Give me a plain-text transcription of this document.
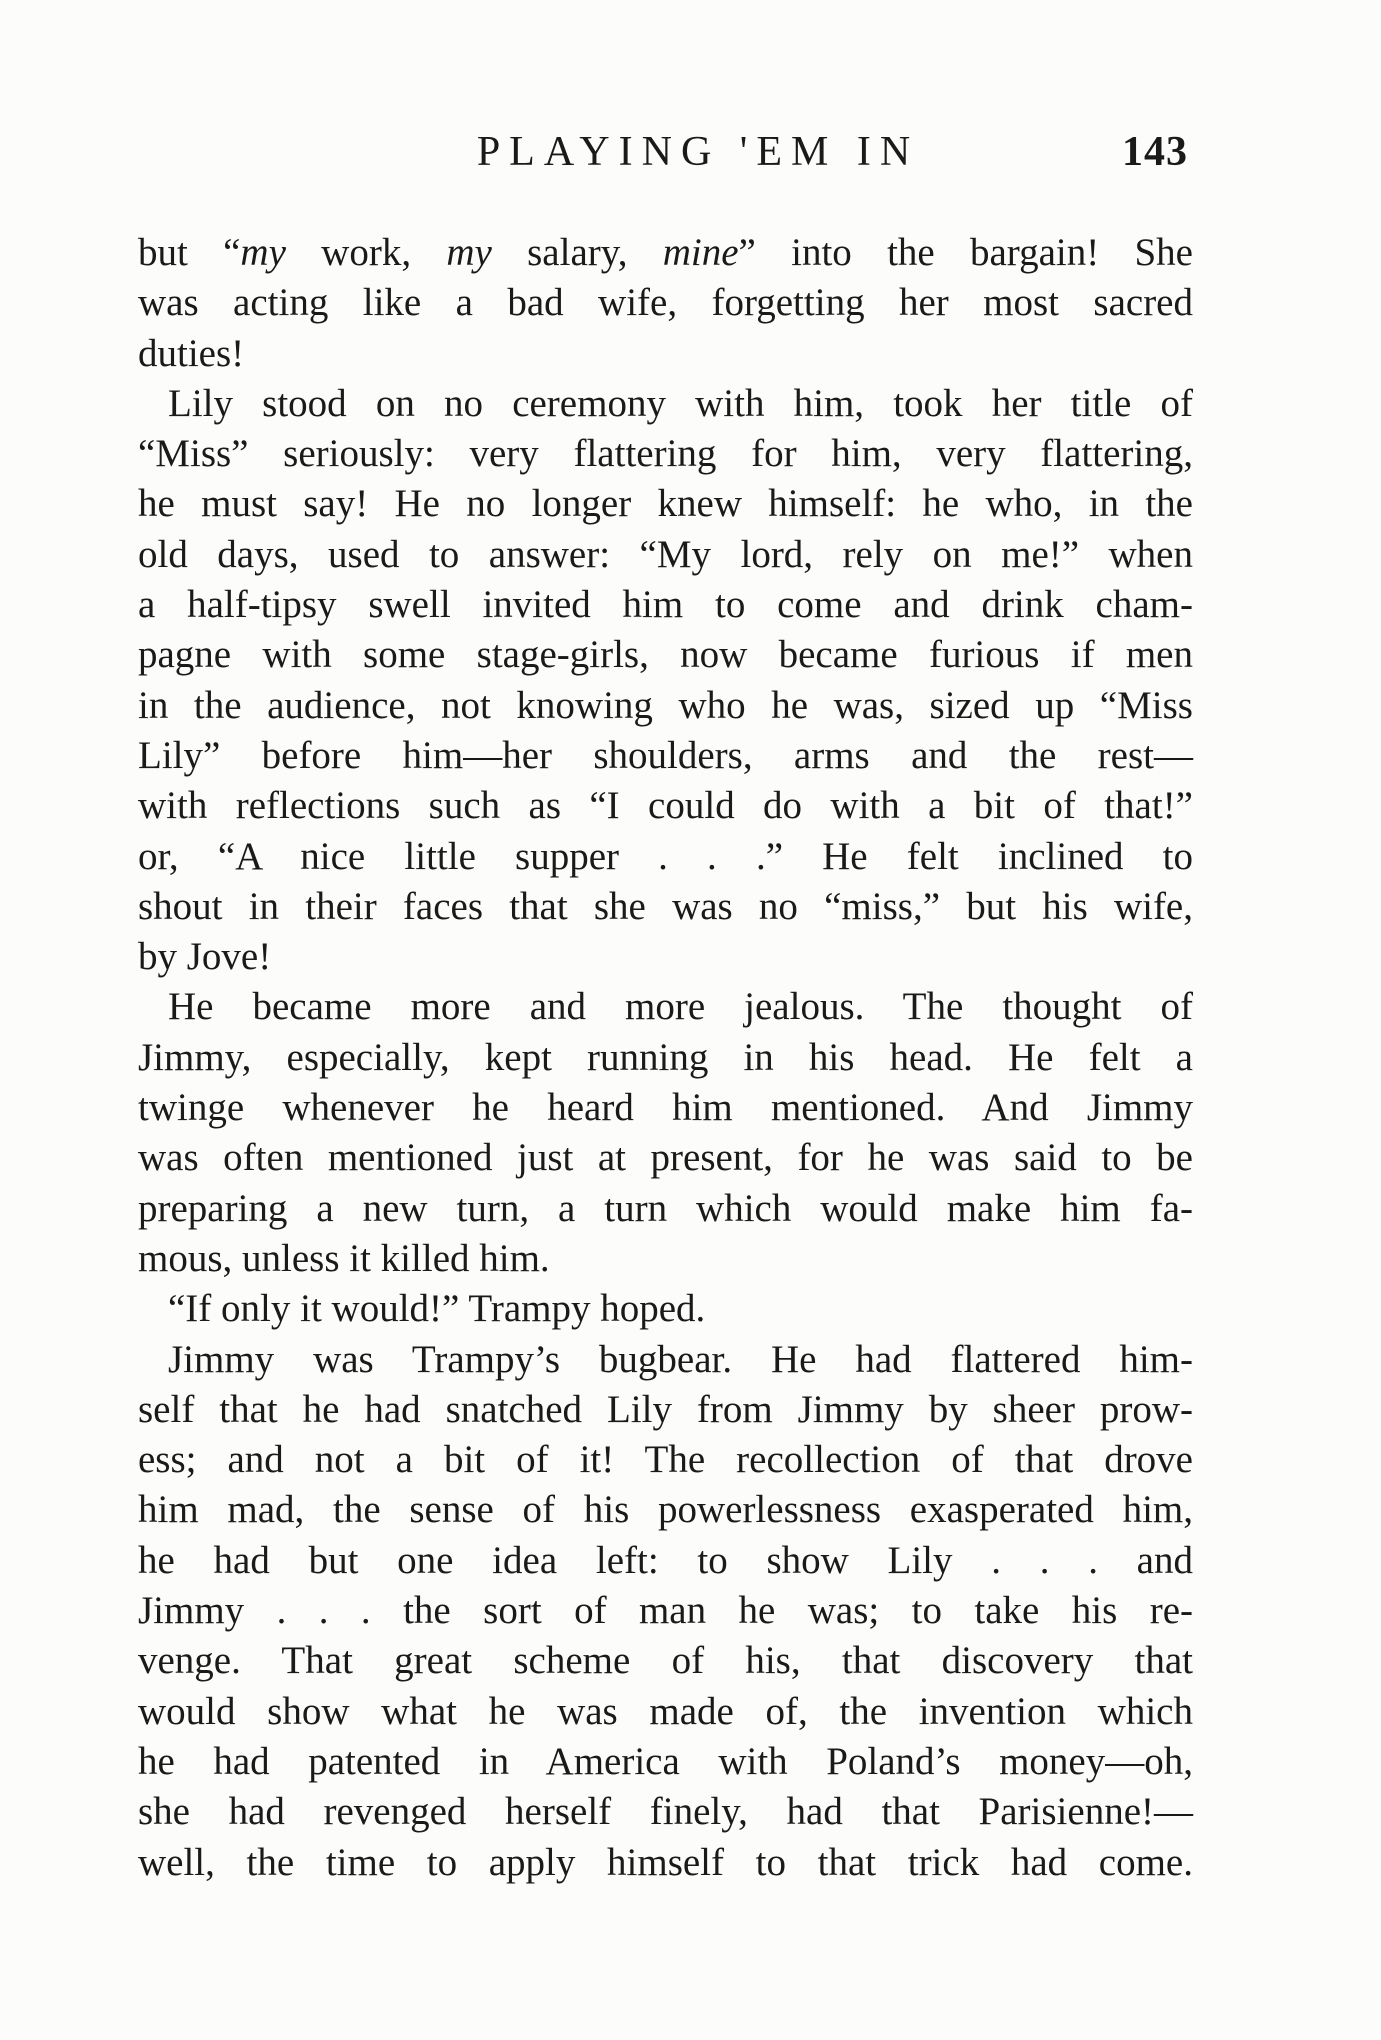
PLAYING 'EM IN	143
but “my work, my salary, mine” into the bargain! She
was acting like a bad wife, forgetting her most sacred
duties!
Lily stood on no ceremony with him, took her title of
“Miss” seriously: very flattering for him, very flattering,
he must say! He no longer knew himself: he who, in the
old days, used to answer: “My lord, rely on me!” when
a half-tipsy swell invited him to come and drink cham-
pagne with some stage-girls, now became furious if men
in the audience, not knowing who he was, sized up “Miss
Lily” before him—her shoulders, arms and the rest—
with reflections such as “I could do with a bit of that!”
or, “A nice little supper . . .” He felt inclined to
shout in their faces that she was no “miss,” but his wife,
by Jove!
He became more and more jealous. The thought of
Jimmy, especially, kept running in his head. He felt a
twinge whenever he heard him mentioned. And Jimmy
was often mentioned just at present, for he was said to be
preparing a new turn, a turn which would make him fa-
mous, unless it killed him.
“If only it would!” Trampy hoped.
Jimmy was Trampy’s bugbear. He had flattered him-
self that he had snatched Lily from Jimmy by sheer prow-
ess; and not a bit of it! The recollection of that drove
him mad, the sense of his powerlessness exasperated him,
he had but one idea left: to show Lily . . . and
Jimmy . . . the sort of man he was; to take his re-
venge. That great scheme of his, that discovery that
would show what he was made of, the invention which
he had patented in America with Poland’s money—oh,
she had revenged herself finely, had that Parisienne!—
well, the time to apply himself to that trick had come.
